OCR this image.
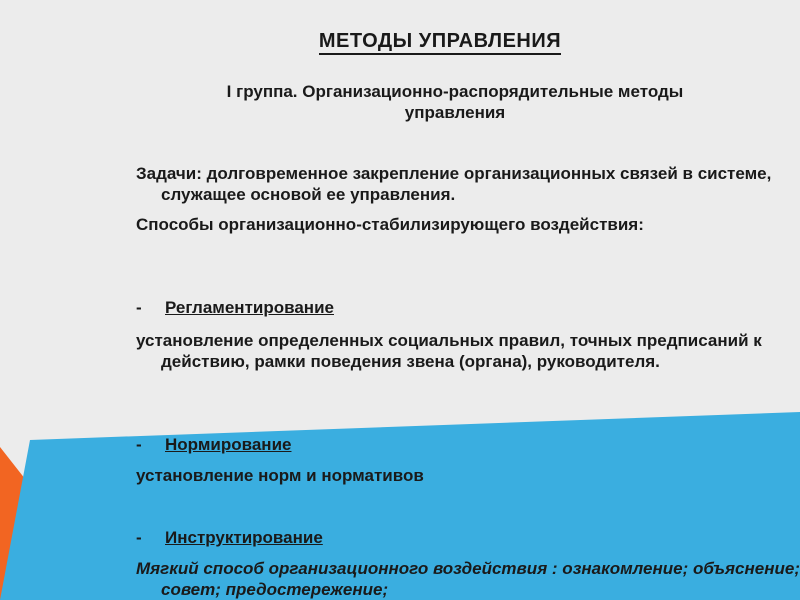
МЕТОДЫ УПРАВЛЕНИЯ
I группа. Организационно-распорядительные методы управления
Задачи: долговременное закрепление организационных связей в системе, служащее основой ее управления.
Способы организационно-стабилизирующего воздействия:
- Регламентирование
установление определенных социальных правил, точных предписаний к действию, рамки поведения звена (органа), руководителя.
- Нормирование
установление норм и нормативов
- Инструктирование
Мягкий способ организационного воздействия : ознакомление; объяснение; совет; предостережение;
